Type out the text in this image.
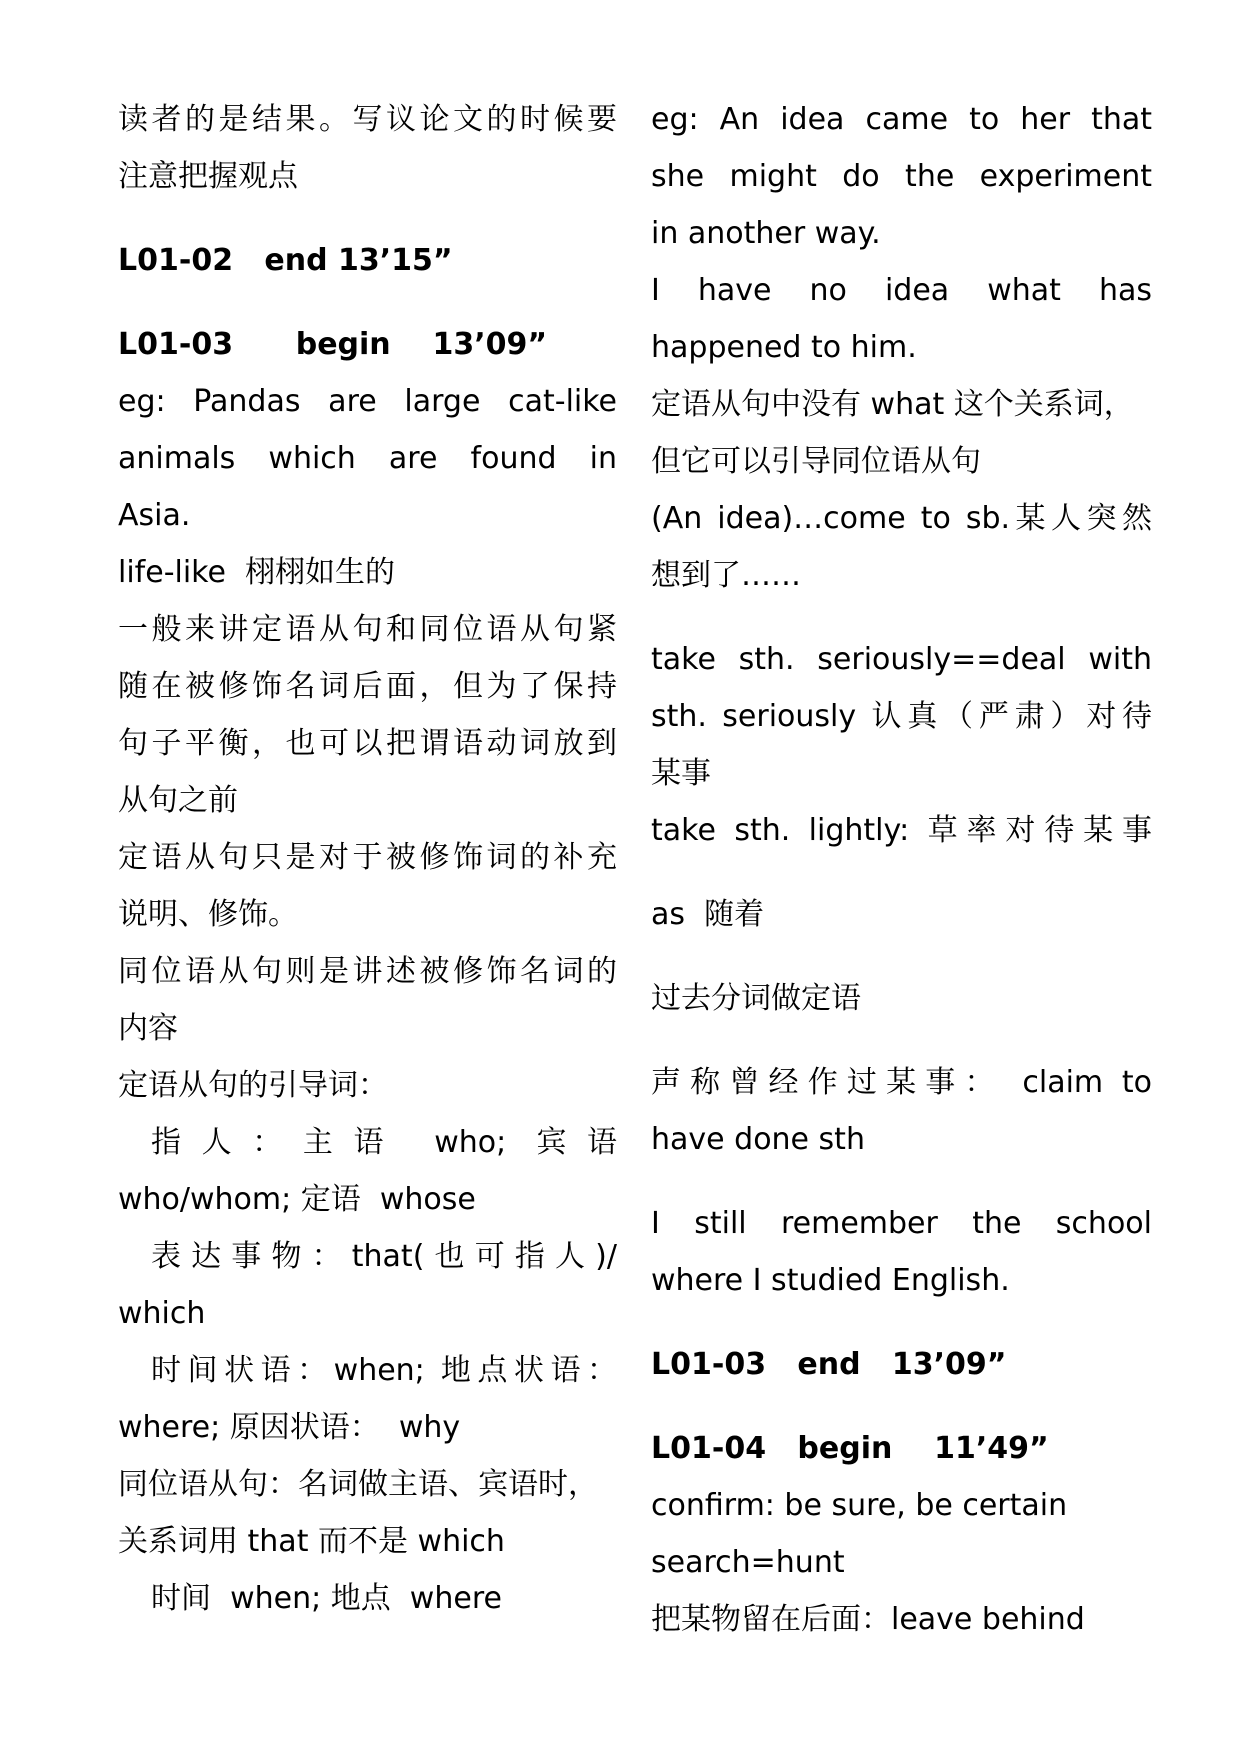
读者的是结果。写议论文的时候要
注意把握观点
L01-02   end 13’15”
L01-03      begin    13’09”
eg: Pandas are large cat-like
animals which are found in
Asia.
life-like  栩栩如生的
一般来讲定语从句和同位语从句紧
随在被修饰名词后面，但为了保持
句子平衡，也可以把谓语动词放到
从句之前
定语从句只是对于被修饰词的补充
说明、修饰。
同位语从句则是讲述被修饰名词的
内容
定语从句的引导词：
指人：主语 who; 宾语
who/whom; 定语  whose
表达事物：that(也可指人)/
which
时间状语：when; 地点状语：
where; 原因状语：  why
同位语从句：名词做主语、宾语时，
关系词用 that 而不是 which
时间  when; 地点  where
eg: An idea came to her that
she might do the experiment
in another way.
I have no idea what has
happened to him.
定语从句中没有 what 这个关系词，
但它可以引导同位语从句
(An idea)…come to sb.某人突然
想到了……
take sth. seriously==deal with
sth. seriously 认真（严肃）对待
某事
take sth. lightly: 草率对待某事
as  随着
过去分词做定语
声称曾经作过某事： claim to
have done sth
I still remember the school
where I studied English.
L01-03   end   13’09”
L01-04   begin    11’49”
confirm: be sure, be certain
search=hunt
把某物留在后面：leave behind
